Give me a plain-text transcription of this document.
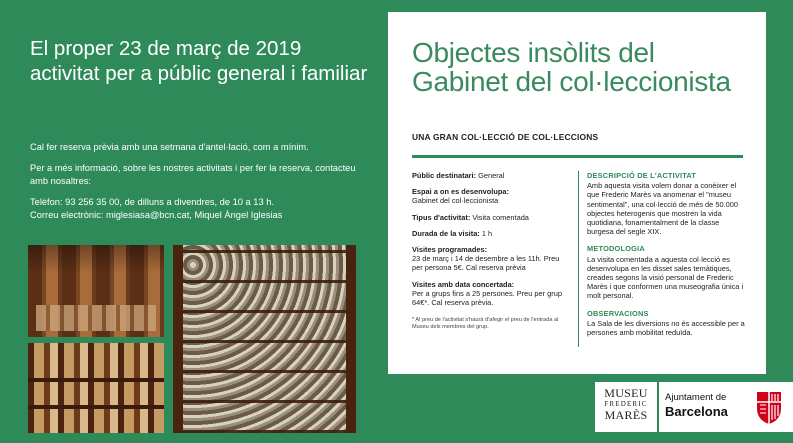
El proper 23 de març de 2019 activitat per a públic general i familiar

Cal fer reserva prèvia amb una setmana d'antel·lació, com a mínim.

Per a més informació, sobre les nostres activitats i per fer la reserva, contacteu amb nosaltres:

Telèfon: 93 256 35 00, de dilluns a divendres, de 10 a 13 h.

Correu electrònic: miglesiasa@bcn.cat, Miquel Àngel Iglesias

Objectes insòlits del Gabinet del col·leccionista
UNA GRAN COL·LECCIÓ DE COL·LECCIONS
Públic destinatari: General
Espai a on es desenvolupa:
Gabinet del col·leccionista
Tipus d'activitat: Visita comentada
Durada de la visita: 1 h
Visites programades:
23 de març i 14 de desembre a les 11h. Preu per persona 5€. Cal reserva prèvia
Visites amb data concertada:
Per a grups fins a 25 persones. Preu per grup 64€*. Cal reserva prèvia.
* Al preu de l'activitat s'haurà d'afegir el preu de l'entrada al Museu dels membres del grup.
DESCRIPCIÓ DE L'ACTIVITAT

Amb aquesta visita volem donar a conèixer el que Frederic Marès va anomenar el "museu sentimental", una col·lecció de més de 50.000 objectes heterogenis que mostren la vida quotidiana, fonamentalment de la classe burgesa del segle XIX.

METODOLOGIA

La visita comentada a aquesta col·lecció es desenvolupa en les disset sales temàtiques, creades segons la visió personal de Frederic Marès i que conformen una museografia única i molt personal.

OBSERVACIONS

La Sala de les diversions no és accessible per a persones amb mobilitat reduïda.

MUSEU
FREDERIC
MARÈS
Ajuntament de
Barcelona
